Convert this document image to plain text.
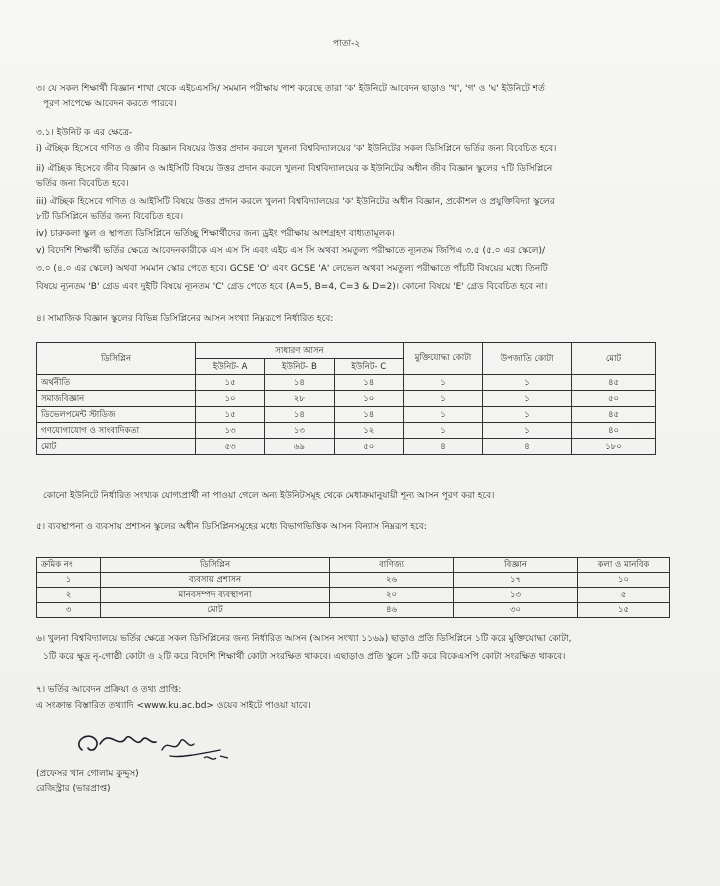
পাতা-২
৩। যে সকল শিক্ষার্থী বিজ্ঞান শাখা থেকে এইচএসসি/ সমমান পরীক্ষায় পাশ করেছে তারা 'ক' ইউনিটে আবেদন ছাড়াও 'খ', 'গ' ও 'ঘ' ইউনিটে শর্ত
পূরণ সাপেক্ষে আবেদন করতে পারবে।
৩.১। ইউনিট ক এর ক্ষেত্রে-
i) ঐচ্ছিক হিসেবে গণিত ও জীব বিজ্ঞান বিষয়ের উত্তর প্রদান করলে খুলনা বিশ্ববিদ্যালয়ের 'ক' ইউনিটের সকল ডিসিপ্লিনে ভর্তির জন্য বিবেচিত হবে।
ii) ঐচ্ছিক হিসেবে জীব বিজ্ঞান ও আইসিটি বিষয়ে উত্তর প্রদান করলে খুলনা বিশ্ববিদ্যালয়ের ক ইউনিটের অধীন জীব বিজ্ঞান স্কুলের ৭টি ডিসিপ্লিনে
ভর্তির জন্য বিবেচিত হবে।
iii) ঐচ্ছিক হিসেবে গণিত ও আইসিটি বিষয়ে উত্তর প্রদান করলে খুলনা বিশ্ববিদ্যালয়ের 'ক' ইউনিটের অধীন বিজ্ঞান, প্রকৌশল ও প্রযুক্তিবিদ্যা স্কুলের
৮টি ডিসিপ্লিনে ভর্তির জন্য বিবেচিত হবে।
iv) চারুকলা স্কুল ও স্থাপত্য ডিসিপ্লিনে ভর্তিচ্ছু শিক্ষার্থীদের জন্য ড্রইং পরীক্ষায় অংশগ্রহণ বাধ্যতামূলক।
v) বিদেশি শিক্ষার্থী ভর্তির ক্ষেত্রে আবেদনকারীকে এস এস সি এবং এইচ এস সি অথবা সমতুল্য পরীক্ষাতে ন্যূনতম জিপিএ ৩.৫ (৫.০ এর স্কেলে)/
৩.০ (৪.০ এর স্কেলে) অথবা সমমান স্কোর পেতে হবে। GCSE 'O' এবং GCSE 'A' লেভেল অথবা সমতুল্য পরীক্ষাতে পাঁচটি বিষয়ের মধ্যে তিনটি
বিষয়ে ন্যূনতম 'B' গ্রেড এবং দুইটি বিষয়ে ন্যূনতম 'C' গ্রেড পেতে হবে (A=5, B=4, C=3 & D=2)। কোনো বিষয়ে 'E' গ্রেড বিবেচিত হবে না।
৪। সামাজিক বিজ্ঞান স্কুলের বিভিন্ন ডিসিপ্লিনের আসন সংখ্যা নিম্নরূপে নির্ধারিত হবে:
ডিসিপ্লিন	সাধারণ আসন			মুক্তিযোদ্ধা কোটা	উপজাতি কোটা	মোট
	ইউনিট- A	ইউনিট- B	ইউনিট- C			
অর্থনীতি	১৫	১৪	১৪	১	১	৪৫
সমাজবিজ্ঞান	১০	২৮	১০	১	১	৫০
ডিভেলপমেন্ট স্টাডিজ	১৫	১৪	১৪	১	১	৪৫
গণযোগাযোগ ও সাংবাদিকতা	১৩	১৩	১২	১	১	৪০
মোট	৫৩	৬৯	৫০	৪	৪	১৮০
কোনো ইউনিটে নির্ধারিত সংখ্যক যোগ্যপ্রার্থী না পাওয়া গেলে অন্য ইউনিটসমূহ থেকে মেধাক্রমানুযায়ী শূন্য আসন পূরণ করা হবে।
৫। ব্যবস্থাপনা ও ব্যবসায় প্রশাসন স্কুলের অধীন ডিসিপ্লিনসমূহের মধ্যে বিভাগভিত্তিক আসন বিন্যাস নিম্নরূপ হবে:
ক্রমিক নং	ডিসিপ্লিন	বাণিজ্য	বিজ্ঞান	কলা ও মানবিক
১	ব্যবসায় প্রশাসন	২৬	১৭	১০
২	মানবসম্পদ ব্যবস্থাপনা	২০	১৩	৫
৩	মোট	৪৬	৩০	১৫
৬। খুলনা বিশ্ববিদ্যালয়ে ভর্তির ক্ষেত্রে সকল ডিসিপ্লিনের জন্য নির্ধারিত আসন (আসন সংখ্যা ১১৬৯) ছাড়াও প্রতি ডিসিপ্লিনে ১টি করে মুক্তিযোদ্ধা কোটা,
১টি করে ক্ষুদ্র নৃ-গোষ্ঠী কোটা ও ২টি করে বিদেশি শিক্ষার্থী কোটা সংরক্ষিত থাকবে। এছাড়াও প্রতি স্কুলে ১টি করে বিকেএসপি কোটা সংরক্ষিত থাকবে।
৭। ভর্তির আবেদন প্রক্রিয়া ও তথ্য প্রাপ্তি:
এ সংক্রান্ত বিস্তারিত তথ্যাদি <www.ku.ac.bd> ওয়েব সাইটে পাওয়া যাবে।
(প্রফেসর খান গোলাম কুদ্দুস)
রেজিস্ট্রার (ভারপ্রাপ্ত)
